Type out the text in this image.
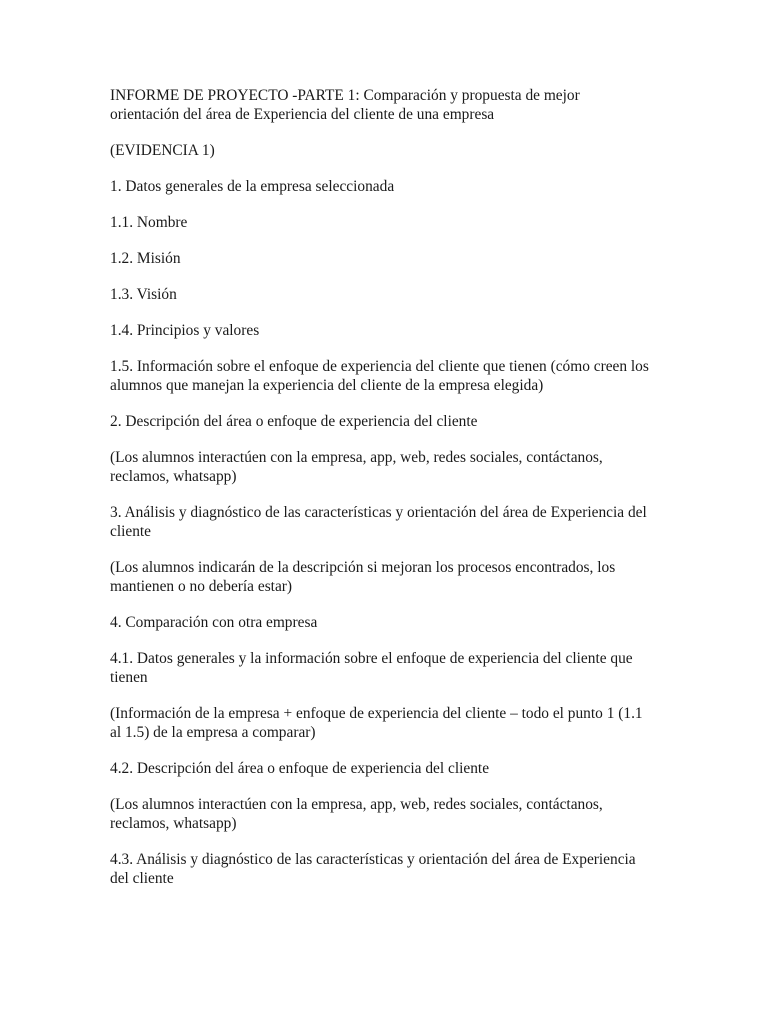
INFORME DE PROYECTO -PARTE 1: Comparación y propuesta de mejor orientación del área de Experiencia del cliente de una empresa

(EVIDENCIA 1)

1. Datos generales de la empresa seleccionada

1.1. Nombre

1.2. Misión

1.3. Visión

1.4. Principios y valores

1.5. Información sobre el enfoque de experiencia del cliente que tienen (cómo creen los alumnos que manejan la experiencia del cliente de la empresa elegida)

2. Descripción del área o enfoque de experiencia del cliente

(Los alumnos interactúen con la empresa, app, web, redes sociales, contáctanos, reclamos, whatsapp)

3. Análisis y diagnóstico de las características y orientación del área de Experiencia del cliente

(Los alumnos indicarán de la descripción si mejoran los procesos encontrados, los mantienen o no debería estar)

4. Comparación con otra empresa

4.1. Datos generales y la información sobre el enfoque de experiencia del cliente que tienen

(Información de la empresa + enfoque de experiencia del cliente – todo el punto 1 (1.1 al 1.5) de la empresa a comparar)

4.2. Descripción del área o enfoque de experiencia del cliente

(Los alumnos interactúen con la empresa, app, web, redes sociales, contáctanos, reclamos, whatsapp)

4.3. Análisis y diagnóstico de las características y orientación del área de Experiencia del cliente
